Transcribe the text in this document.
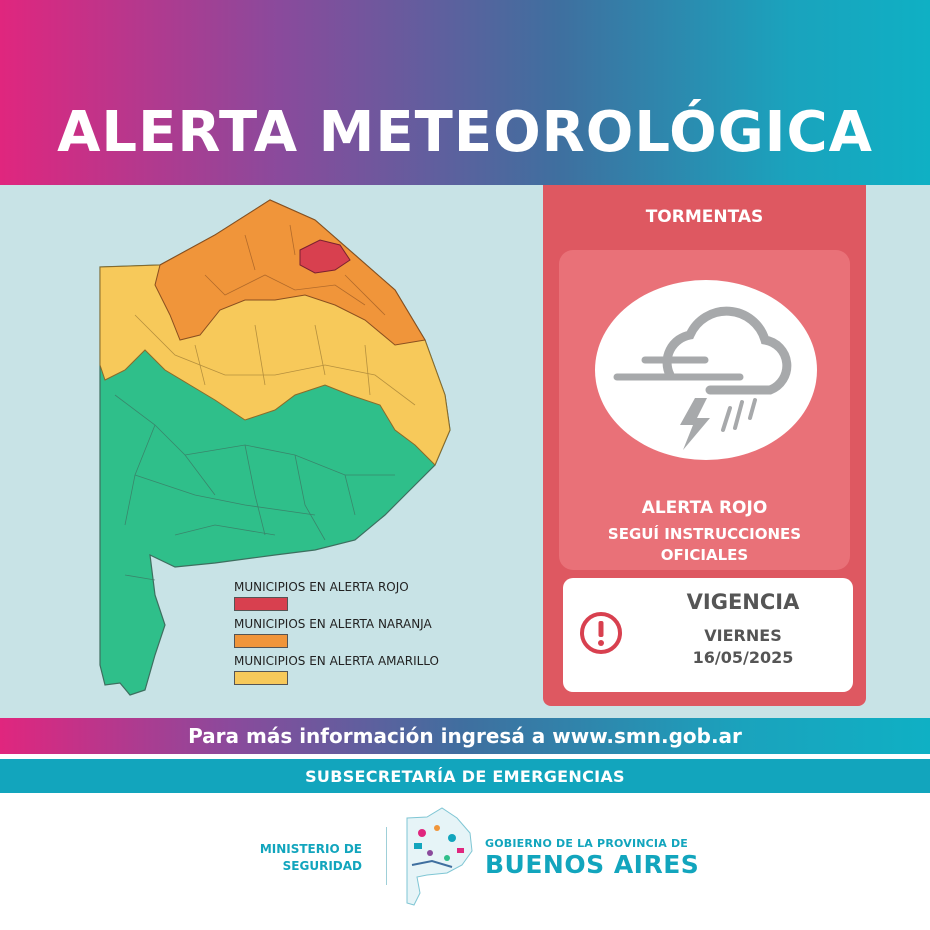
ALERTA METEOROLÓGICA
MUNICIPIOS EN ALERTA ROJO
MUNICIPIOS EN ALERTA NARANJA
MUNICIPIOS EN ALERTA AMARILLO
TORMENTAS
ALERTA ROJO
SEGUÍ INSTRUCCIONES
OFICIALES
VIGENCIA
VIERNES
16/05/2025
Para más información ingresá a www.smn.gob.ar
SUBSECRETARÍA DE EMERGENCIAS
MINISTERIO DE
SEGURIDAD
GOBIERNO DE LA PROVINCIA DE
BUENOS AIRES
